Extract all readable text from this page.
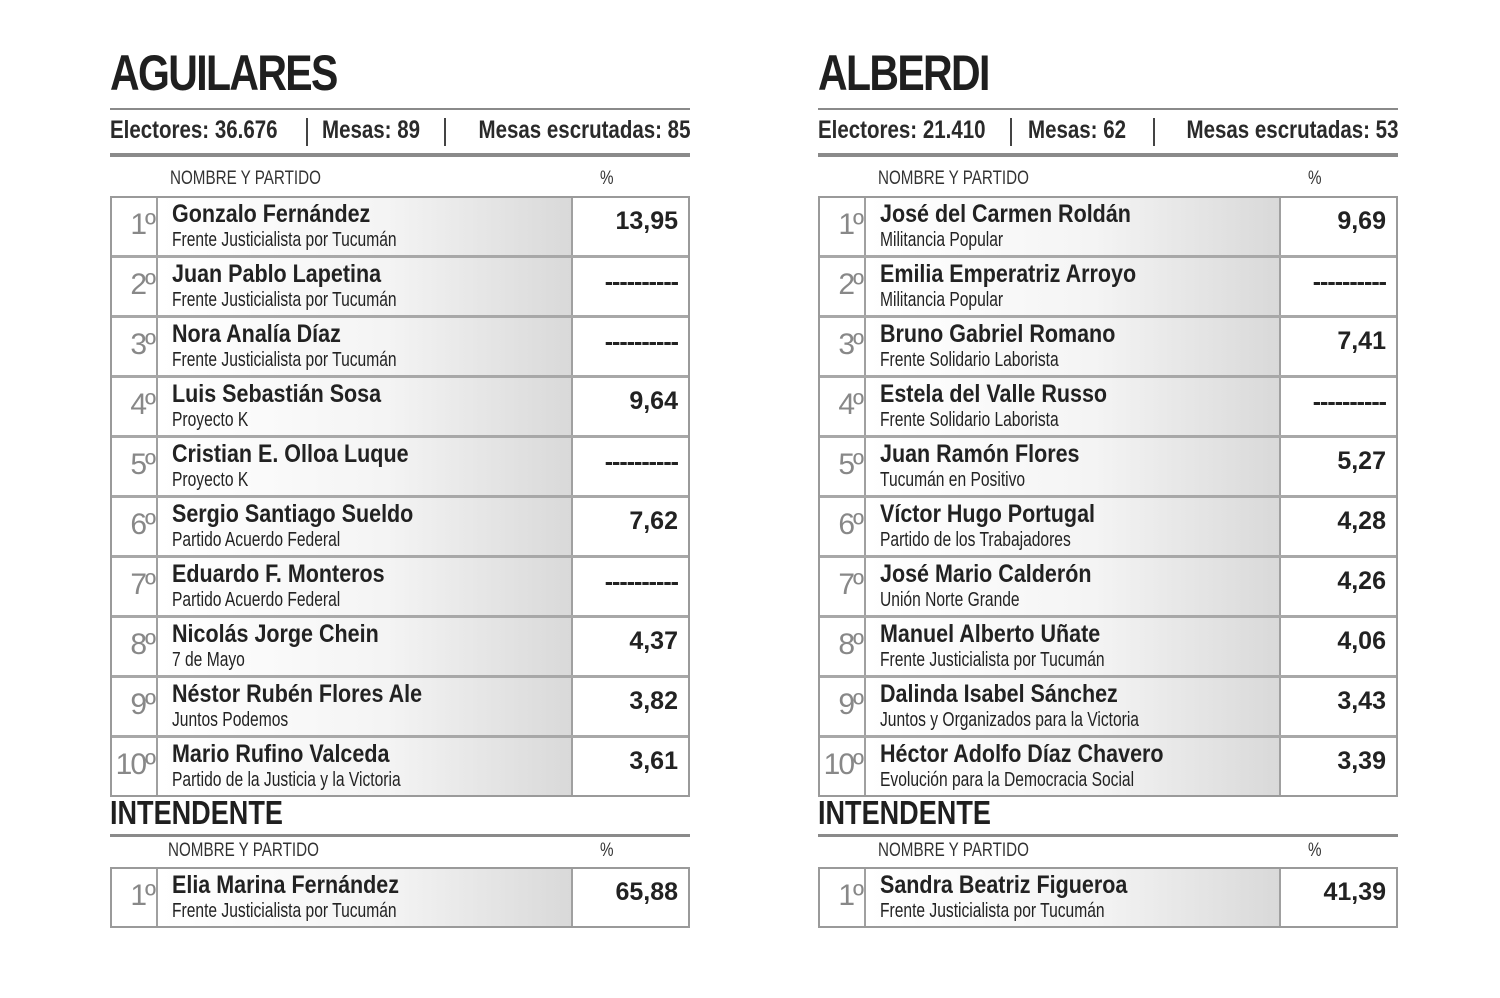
AGUILARES
Electores: 36.676 Mesas: 89 Mesas escrutadas: 85
NOMBRE Y PARTIDO	%
1º Gonzalo Fernández
Frente Justicialista por Tucumán
13,95
2º Juan Pablo Lapetina
Frente Justicialista por Tucumán
----------
3º Nora Analía Díaz
Frente Justicialista por Tucumán
----------
4º Luis Sebastián Sosa
Proyecto K
9,64
5º Cristian E. Olloa Luque
Proyecto K
----------
6º Sergio Santiago Sueldo
Partido Acuerdo Federal
7,62
7º Eduardo F. Monteros
Partido Acuerdo Federal
----------
8º Nicolás Jorge Chein
7 de Mayo
4,37
9º Néstor Rubén Flores Ale
Juntos Podemos
3,82
10º Mario Rufino Valceda
Partido de la Justicia y la Victoria
3,61
INTENDENTE
NOMBRE Y PARTIDO	%
1º Elia Marina Fernández
Frente Justicialista por Tucumán
65,88
ALBERDI
Electores: 21.410 Mesas: 62 Mesas escrutadas: 53
NOMBRE Y PARTIDO	%
1º José del Carmen Roldán
Militancia Popular
9,69
2º Emilia Emperatriz Arroyo
Militancia Popular
----------
3º Bruno Gabriel Romano
Frente Solidario Laborista
7,41
4º Estela del Valle Russo
Frente Solidario Laborista
----------
5º Juan Ramón Flores
Tucumán en Positivo
5,27
6º Víctor Hugo Portugal
Partido de los Trabajadores
4,28
7º José Mario Calderón
Unión Norte Grande
4,26
8º Manuel Alberto Uñate
Frente Justicialista por Tucumán
4,06
9º Dalinda Isabel Sánchez
Juntos y Organizados para la Victoria
3,43
10º Héctor Adolfo Díaz Chavero
Evolución para la Democracia Social
3,39
INTENDENTE
NOMBRE Y PARTIDO	%
1º Sandra Beatriz Figueroa
Frente Justicialista por Tucumán
41,39
